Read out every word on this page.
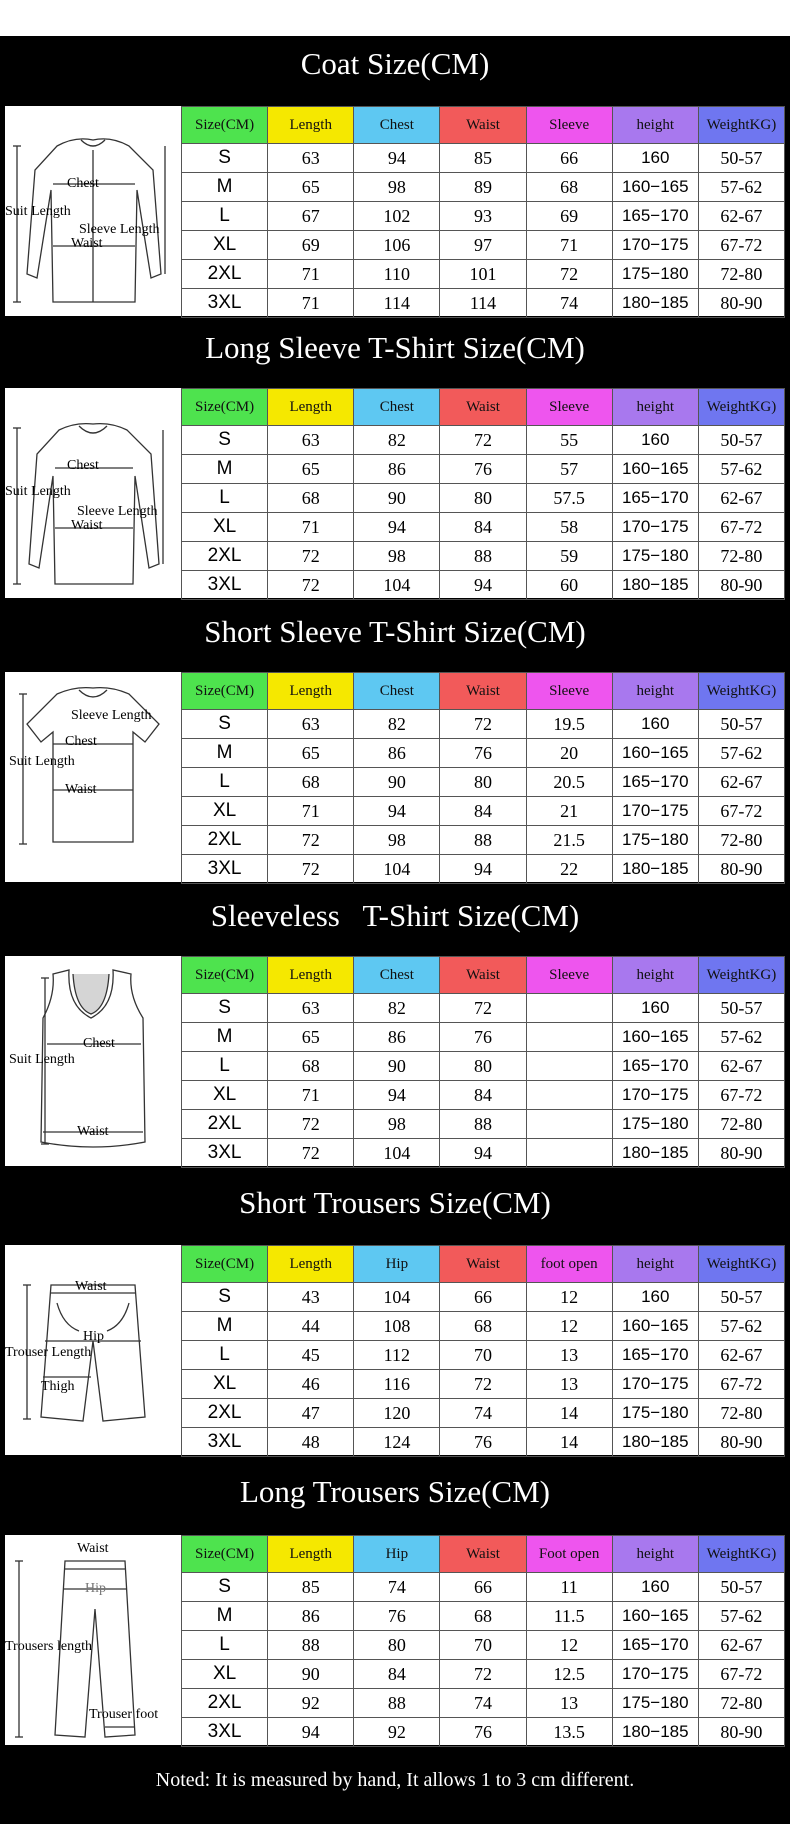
Coat Size(CM)
Chest
Suit Length
Sleeve Length
Waist
Size(CM)	Length	Chest	Waist	Sleeve	height	WeightKG)
S	63	94	85	66	160	50-57
M	65	98	89	68	160−165	57-62
L	67	102	93	69	165−170	62-67
XL	69	106	97	71	170−175	67-72
2XL	71	110	101	72	175−180	72-80
3XL	71	114	114	74	180−185	80-90
Long Sleeve T-Shirt Size(CM)
Chest
Suit Length
Sleeve Length
Waist
Size(CM)	Length	Chest	Waist	Sleeve	height	WeightKG)
S	63	82	72	55	160	50-57
M	65	86	76	57	160−165	57-62
L	68	90	80	57.5	165−170	62-67
XL	71	94	84	58	170−175	67-72
2XL	72	98	88	59	175−180	72-80
3XL	72	104	94	60	180−185	80-90
Short Sleeve T-Shirt Size(CM)
Sleeve Length
Chest
Suit Length
Waist
Size(CM)	Length	Chest	Waist	Sleeve	height	WeightKG)
S	63	82	72	19.5	160	50-57
M	65	86	76	20	160−165	57-62
L	68	90	80	20.5	165−170	62-67
XL	71	94	84	21	170−175	67-72
2XL	72	98	88	21.5	175−180	72-80
3XL	72	104	94	22	180−185	80-90
Sleeveless   T-Shirt Size(CM)
Chest
Suit Length
Waist
Size(CM)	Length	Chest	Waist	Sleeve	height	WeightKG)
S	63	82	72		160	50-57
M	65	86	76		160−165	57-62
L	68	90	80		165−170	62-67
XL	71	94	84		170−175	67-72
2XL	72	98	88		175−180	72-80
3XL	72	104	94		180−185	80-90
Short Trousers Size(CM)
Waist
Hip
Trouser Length
Thigh
Size(CM)	Length	Hip	Waist	foot open	height	WeightKG)
S	43	104	66	12	160	50-57
M	44	108	68	12	160−165	57-62
L	45	112	70	13	165−170	62-67
XL	46	116	72	13	170−175	67-72
2XL	47	120	74	14	175−180	72-80
3XL	48	124	76	14	180−185	80-90
Long Trousers Size(CM)
Waist
Hip
Trousers length
Trouser foot
Size(CM)	Length	Hip	Waist	Foot open	height	WeightKG)
S	85	74	66	11	160	50-57
M	86	76	68	11.5	160−165	57-62
L	88	80	70	12	165−170	62-67
XL	90	84	72	12.5	170−175	67-72
2XL	92	88	74	13	175−180	72-80
3XL	94	92	76	13.5	180−185	80-90
Noted: It is measured by hand, It allows 1 to 3 cm different.
